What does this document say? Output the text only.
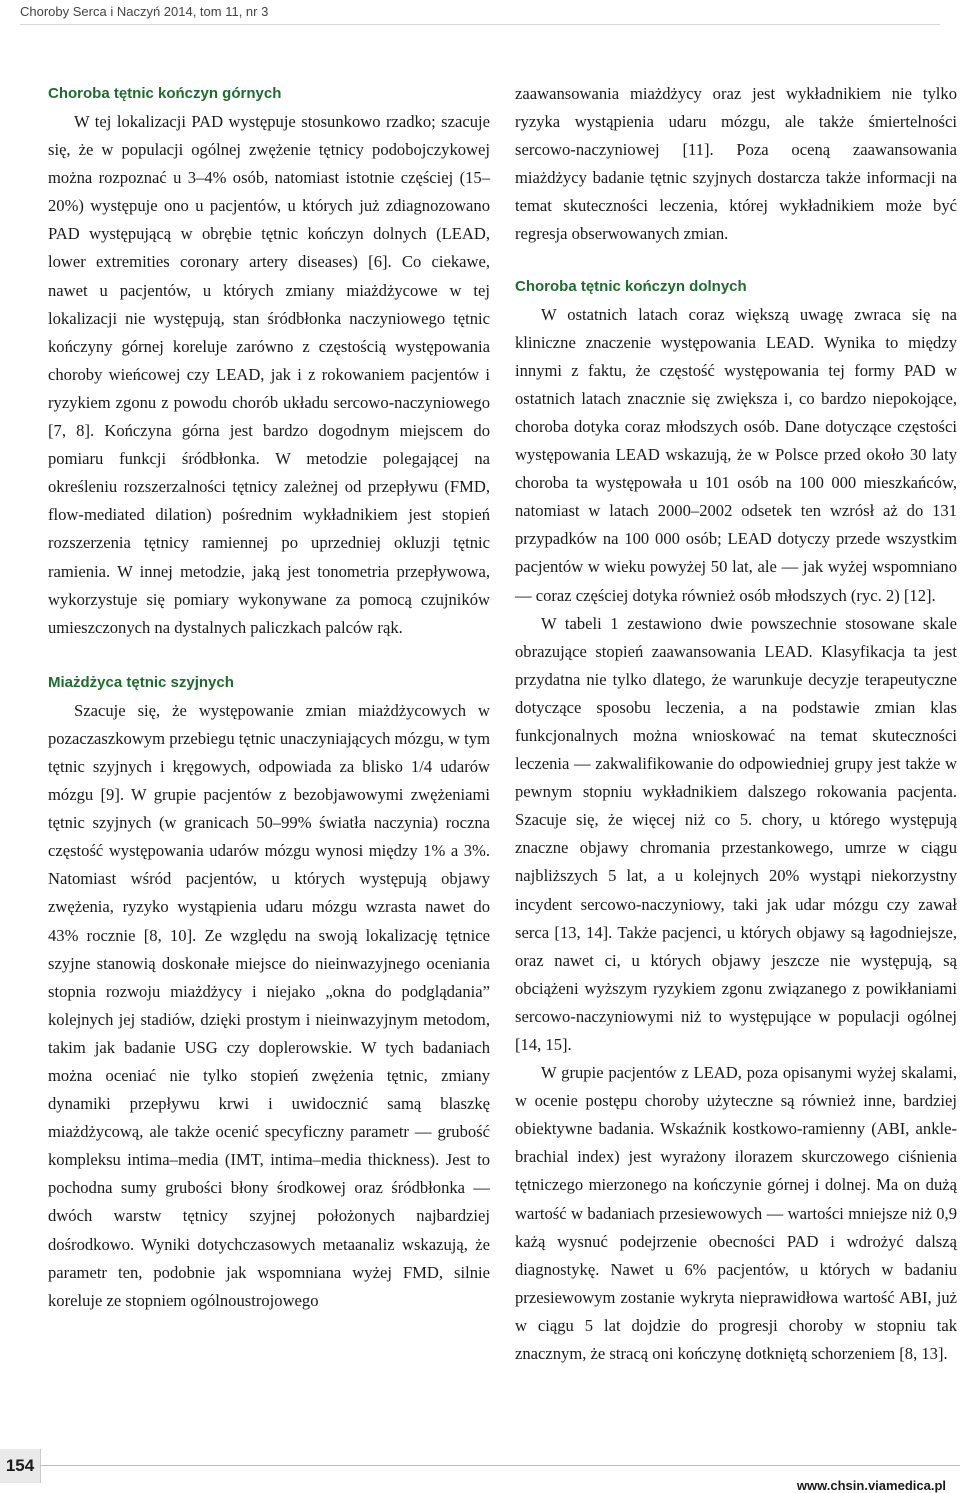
Choroby Serca i Naczyń 2014, tom 11, nr 3
Choroba tętnic kończyn górnych

W tej lokalizacji PAD występuje stosunkowo rzadko; szacuje się, że w populacji ogólnej zwężenie tętnicy podobojczykowej można rozpoznać u 3–4% osób, natomiast istotnie częściej (15–20%) występuje ono u pacjentów, u których już zdiagnozowano PAD występującą w obrębie tętnic kończyn dolnych (LEAD, lower extremities coronary artery diseases) [6]. Co ciekawe, nawet u pacjentów, u których zmiany miażdżycowe w tej lokalizacji nie występują, stan śródbłonka naczyniowego tętnic kończyny górnej koreluje zarówno z częstością występowania choroby wieńcowej czy LEAD, jak i z rokowaniem pacjentów i ryzykiem zgonu z powodu chorób układu sercowo-naczyniowego [7, 8]. Kończyna górna jest bardzo dogodnym miejscem do pomiaru funkcji śródbłonka. W metodzie polegającej na określeniu rozszerzalności tętnicy zależnej od przepływu (FMD, flow-mediated dilation) pośrednim wykładnikiem jest stopień rozszerzenia tętnicy ramiennej po uprzedniej okluzji tętnic ramienia. W innej metodzie, jaką jest tonometria przepływowa, wykorzystuje się pomiary wykonywane za pomocą czujników umieszczonych na dystalnych paliczkach palców rąk.

Miażdżyca tętnic szyjnych

Szacuje się, że występowanie zmian miażdżycowych w pozaczaszkowym przebiegu tętnic unaczyniających mózgu, w tym tętnic szyjnych i kręgowych, odpowiada za blisko 1/4 udarów mózgu [9]. W grupie pacjentów z bezobjawowymi zwężeniami tętnic szyjnych (w granicach 50–99% światła naczynia) roczna częstość występowania udarów mózgu wynosi między 1% a 3%. Natomiast wśród pacjentów, u których występują objawy zwężenia, ryzyko wystąpienia udaru mózgu wzrasta nawet do 43% rocznie [8, 10]. Ze względu na swoją lokalizację tętnice szyjne stanowią doskonałe miejsce do nieinwazyjnego oceniania stopnia rozwoju miażdżycy i niejako „okna do podglądania” kolejnych jej stadiów, dzięki prostym i nieinwazyjnym metodom, takim jak badanie USG czy doplerowskie. W tych badaniach można oceniać nie tylko stopień zwężenia tętnic, zmiany dynamiki przepływu krwi i uwidocznić samą blaszkę miażdżycową, ale także ocenić specyficzny parametr — grubość kompleksu intima–media (IMT, intima–media thickness). Jest to pochodna sumy grubości błony środkowej oraz śródbłonka — dwóch warstw tętnicy szyjnej położonych najbardziej dośrodkowo. Wyniki dotychczasowych metaanaliz wskazują, że parametr ten, podobnie jak wspomniana wyżej FMD, silnie koreluje ze stopniem ogólnoustrojowego

zaawansowania miażdżycy oraz jest wykładnikiem nie tylko ryzyka wystąpienia udaru mózgu, ale także śmiertelności sercowo-naczyniowej [11]. Poza oceną zaawansowania miażdżycy badanie tętnic szyjnych dostarcza także informacji na temat skuteczności leczenia, której wykładnikiem może być regresja obserwowanych zmian.

Choroba tętnic kończyn dolnych

W ostatnich latach coraz większą uwagę zwraca się na kliniczne znaczenie występowania LEAD. Wynika to między innymi z faktu, że częstość występowania tej formy PAD w ostatnich latach znacznie się zwiększa i, co bardzo niepokojące, choroba dotyka coraz młodszych osób. Dane dotyczące częstości występowania LEAD wskazują, że w Polsce przed około 30 laty choroba ta występowała u 101 osób na 100 000 mieszkańców, natomiast w latach 2000–2002 odsetek ten wzrósł aż do 131 przypadków na 100 000 osób; LEAD dotyczy przede wszystkim pacjentów w wieku powyżej 50 lat, ale — jak wyżej wspomniano — coraz częściej dotyka również osób młodszych (ryc. 2) [12].

W tabeli 1 zestawiono dwie powszechnie stosowane skale obrazujące stopień zaawansowania LEAD. Klasyfikacja ta jest przydatna nie tylko dlatego, że warunkuje decyzje terapeutyczne dotyczące sposobu leczenia, a na podstawie zmian klas funkcjonalnych można wnioskować na temat skuteczności leczenia — zakwalifikowanie do odpowiedniej grupy jest także w pewnym stopniu wykładnikiem dalszego rokowania pacjenta. Szacuje się, że więcej niż co 5. chory, u którego występują znaczne objawy chromania przestankowego, umrze w ciągu najbliższych 5 lat, a u kolejnych 20% wystąpi niekorzystny incydent sercowo-naczyniowy, taki jak udar mózgu czy zawał serca [13, 14]. Także pacjenci, u których objawy są łagodniejsze, oraz nawet ci, u których objawy jeszcze nie występują, są obciążeni wyższym ryzykiem zgonu związanego z powikłaniami sercowo-naczyniowymi niż to występujące w populacji ogólnej [14, 15].

W grupie pacjentów z LEAD, poza opisanymi wyżej skalami, w ocenie postępu choroby użyteczne są również inne, bardziej obiektywne badania. Wskaźnik kostkowo-ramienny (ABI, ankle-brachial index) jest wyrażony ilorazem skurczowego ciśnienia tętniczego mierzonego na kończynie górnej i dolnej. Ma on dużą wartość w badaniach przesiewowych — wartości mniejsze niż 0,9 każą wysnuć podejrzenie obecności PAD i wdrożyć dalszą diagnostykę. Nawet u 6% pacjentów, u których w badaniu przesiewowym zostanie wykryta nieprawidłowa wartość ABI, już w ciągu 5 lat dojdzie do progresji choroby w stopniu tak znacznym, że stracą oni kończynę dotkniętą schorzeniem [8, 13].

154
www.chsin.viamedica.pl
